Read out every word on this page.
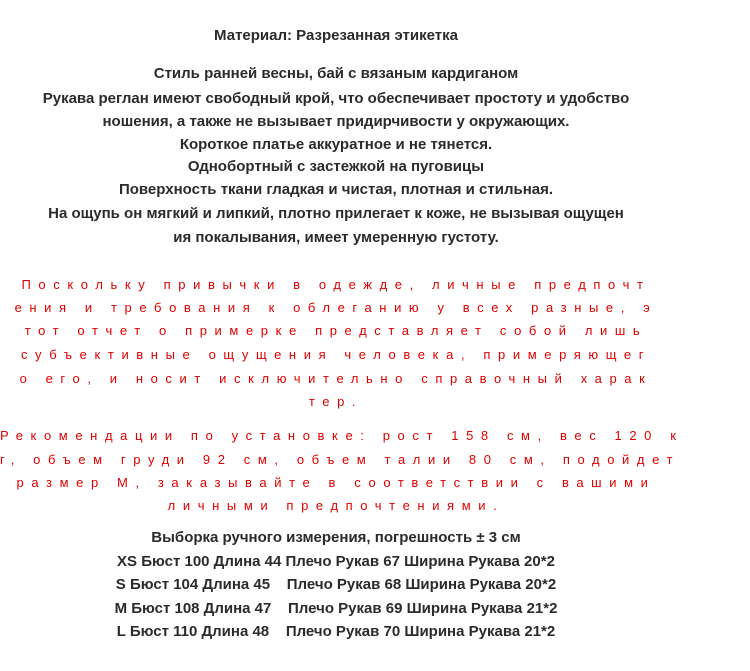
Материал: Разрезанная этикетка
Стиль ранней весны, бай с вязаным кардиганом
Рукава реглан имеют свободный крой, что обеспечивает простоту и удобство
ношения, а также не вызывает придирчивости у окружающих.
Короткое платье аккуратное и не тянется.
Однобортный с застежкой на пуговицы
Поверхность ткани гладкая и чистая, плотная и стильная.
На ощупь он мягкий и липкий, плотно прилегает к коже, не вызывая ощущен
ия покалывания, имеет умеренную густоту.
Поскольку привычки в одежде, личные предпочт
ения и требования к облеганию у всех разные, э
тот отчет о примерке представляет собой лишь
субъективные ощущения человека, примеряющег
о его, и носит исключительно справочный харак
тер.
Рекомендации по установке: рост 158 см, вес 120 к
г, объем груди 92 см, объем талии 80 см, подойдет
размер M, заказывайте в соответствии с вашими
личными предпочтениями.
Выборка ручного измерения, погрешность ± 3 см
XS Бюст 100 Длина 44 Плечо Рукав 67 Ширина Рукава 20*2
S Бюст 104 Длина 45    Плечо Рукав 68 Ширина Рукава 20*2
M Бюст 108 Длина 47    Плечо Рукав 69 Ширина Рукава 21*2
L Бюст 110 Длина 48    Плечо Рукав 70 Ширина Рукава 21*2
